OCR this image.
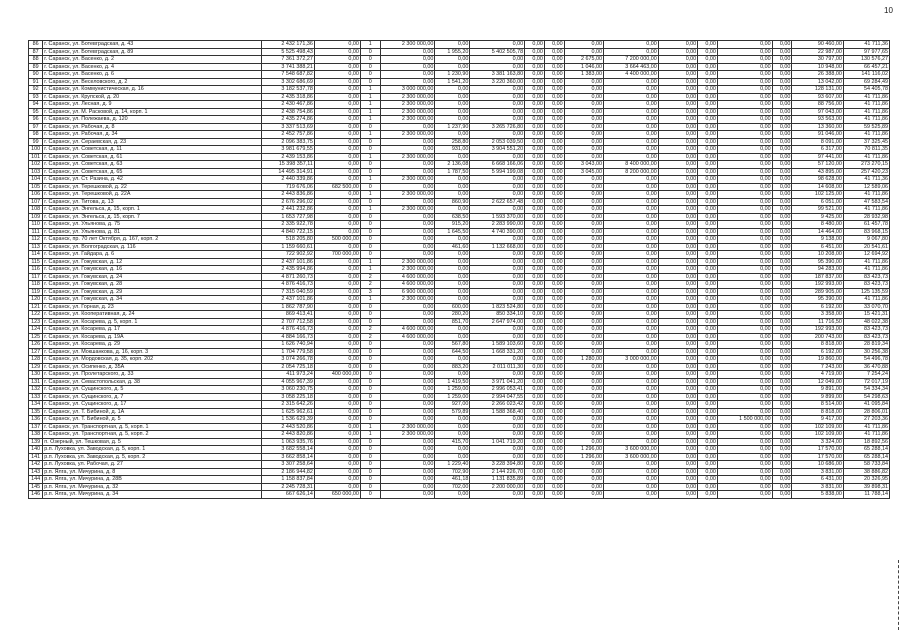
10
86	г. Саранск, ул. Ботевградская, д. 43	2 432 171,36	0,00	1	2 300 000,00	0,00	0,00	0,00	0,00	0,00	0,00	0,00	0,00	0,00	0,00	90 460,00	41 711,36
87	г. Саранск, ул. Ботевградская, д. 89	5 525 498,43	0,00	0	0,00	1 955,20	5 402 505,78	0,00	0,00	0,00	0,00	0,00	0,00	0,00	0,00	22 987,00	97 977,65
88	г. Саранск, ул. Васенко, д. 2	7 361 372,27	0,00	0	0,00	0,00	0,00	0,00	0,00	2 675,00	7 200 000,00	0,00	0,00	0,00	0,00	30 797,00	130 576,27
89	г. Саранск, ул. Васенко, д. 4	3 741 388,21	0,00	0	0,00	0,00	0,00	0,00	0,00	1 046,00	3 664 463,00	0,00	0,00	0,00	0,00	10 948,00	66 457,21
90	г. Саранск, ул. Васенко, д. 6	7 548 687,82	0,00	0	0,00	1 230,90	3 381 163,80	0,00	0,00	1 383,00	4 400 000,00	0,00	0,00	0,00	0,00	26 388,00	141 116,02
91	г. Саранск, ул. Веселовского, д. 2	3 302 686,69	0,00	0	0,00	1 541,20	3 220 360,00	0,00	0,00	0,00	0,00	0,00	0,00	0,00	0,00	13 042,00	69 284,49
92	г. Саранск, ул. Коммунистическая, д. 16	3 182 537,78	0,00	1	3 000 000,00	0,00	0,00	0,00	0,00	0,00	0,00	0,00	0,00	0,00	0,00	128 131,00	54 405,78
93	г. Саранск, ул. Крупской, д. 20	2 435 318,86	0,00	1	2 300 000,00	0,00	0,00	0,00	0,00	0,00	0,00	0,00	0,00	0,00	0,00	93 607,00	41 711,86
94	г. Саранск, ул. Лесная, д. 9	2 430 467,86	0,00	1	2 300 000,00	0,00	0,00	0,00	0,00	0,00	0,00	0,00	0,00	0,00	0,00	88 756,00	41 711,86
95	г. Саранск, ул. М. Расковой, д. 14, корп. 1	2 438 754,86	0,00	1	2 300 000,00	0,00	0,00	0,00	0,00	0,00	0,00	0,00	0,00	0,00	0,00	97 043,00	41 711,86
96	г. Саранск, ул. Полежаева, д. 120	2 435 274,86	0,00	1	2 300 000,00	0,00	0,00	0,00	0,00	0,00	0,00	0,00	0,00	0,00	0,00	93 563,00	41 711,86
97	г. Саранск, ул. Рабочая, д. 8	3 337 513,69	0,00	0	0,00	1 237,90	3 265 726,80	0,00	0,00	0,00	0,00	0,00	0,00	0,00	0,00	13 360,00	59 525,89
98	г. Саранск, ул. Рабочая, д. 34	2 452 757,86	0,00	1	2 300 000,00	0,00	0,00	0,00	0,00	0,00	0,00	0,00	0,00	0,00	0,00	91 046,00	41 711,86
99	г. Саранск, ул. Сераевская, д. 23	2 096 383,75	0,00	0	0,00	258,80	2 053 039,50	0,00	0,00	0,00	0,00	0,00	0,00	0,00	0,00	8 091,00	37 325,45
100	г. Саранск, ул. Советская, д. 11	3 981 679,55	0,00	0	0,00	931,00	3 904 551,20	0,00	0,00	0,00	0,00	0,00	0,00	0,00	0,00	6 317,00	70 811,35
101	г. Саранск, ул. Советская, д. 61	2 439 153,86	0,00	1	2 300 000,00	0,00	0,00	0,00	0,00	0,00	0,00	0,00	0,00	0,00	0,00	97 441,00	41 711,86
102	г. Саранск, ул. Советская, д. 63	15 398 357,11	0,00	0	0,00	2 136,08	6 668 166,06	0,00	0,00	3 043,00	8 400 000,00	0,00	0,00	0,00	0,00	57 120,00	273 270,15
103	г. Саранск, ул. Советская, д. 65	14 495 314,91	0,00	0	0,00	1 787,50	5 994 199,08	0,00	0,00	3 045,00	8 200 000,00	0,00	0,00	0,00	0,00	43 895,00	257 420,23
104	г. Саранск, ул. Ст. Разина, д. 42	2 440 339,86	0,00	1	2 300 000,00	0,00	0,00	0,00	0,00	0,00	0,00	0,00	0,00	0,00	0,00	98 628,00	41 711,36
105	г. Саранск, ул. Терешковой, д. 22	719 676,06	682 500,00	0	0,00	0,00	0,00	0,00	0,00	0,00	0,00	0,00	0,00	0,00	0,00	14 608,00	12 589,06
106	г. Саранск, ул. Терешковой, д. 22А	2 443 836,86	0,00	1	2 300 000,00	0,00	0,00	0,00	0,00	0,00	0,00	0,00	0,00	0,00	0,00	102 125,00	41 711,86
107	г. Саранск, ул. Титова, д. 13	2 676 296,02	0,00	0	0,00	860,90	2 622 657,48	0,00	0,00	0,00	0,00	0,00	0,00	0,00	0,00	6 051,00	47 583,54
108	г. Саранск, ул. Энгельса, д. 15, корп. 1	2 441 232,86	0,00	1	2 300 000,00	0,00	0,00	0,00	0,00	0,00	0,00	0,00	0,00	0,00	0,00	99 521,00	41 711,86
109	г. Саранск, ул. Энгельса, д. 15, корп. 7	1 653 727,98	0,00	0	0,00	638,50	1 593 370,00	0,00	0,00	0,00	0,00	0,00	0,00	0,00	0,00	9 425,00	28 932,98
110	г. Саранск, ул. Ульянова, д. 75	2 335 922,78	0,00	0	0,00	915,20	2 283 990,00	0,00	0,00	0,00	0,00	0,00	0,00	0,00	0,00	8 480,00	61 457,78
111	г. Саранск, ул. Ульянова, д. 81	4 840 722,15	0,00	0	0,00	1 645,50	4 740 390,00	0,00	0,00	0,00	0,00	0,00	0,00	0,00	0,00	14 464,00	83 968,15
112	г. Саранск, пр. 70 лет Октября, д. 167, корп. 2	518 205,80	500 000,00	0	0,00	0,00	0,00	0,00	0,00	0,00	0,00	0,00	0,00	0,00	0,00	9 138,00	9 067,80
113	г. Саранск, ул. Волгоградская, д. 116	1 159 660,61	0,00	0	0,00	461,60	1 132 668,00	0,00	0,00	0,00	0,00	0,00	0,00	0,00	0,00	6 451,00	20 541,61
114	г. Саранск, ул. Гайдара, д. 6	722 902,92	700 000,00	0	0,00	0,00	0,00	0,00	0,00	0,00	0,00	0,00	0,00	0,00	0,00	10 208,00	12 694,92
115	г. Саранск, ул. Гожувская, д. 12	2 437 101,86	0,00	1	2 300 000,00	0,00	0,00	0,00	0,00	0,00	0,00	0,00	0,00	0,00	0,00	95 390,00	41 711,86
116	г. Саранск, ул. Гожувская, д. 16	2 435 994,86	0,00	1	2 300 000,00	0,00	0,00	0,00	0,00	0,00	0,00	0,00	0,00	0,00	0,00	94 283,00	41 711,86
117	г. Саранск, ул. Гожувская, д. 24	4 871 260,73	0,00	2	4 600 000,00	0,00	0,00	0,00	0,00	0,00	0,00	0,00	0,00	0,00	0,00	187 837,00	83 423,73
118	г. Саранск, ул. Гожувская, д. 28	4 876 416,73	0,00	2	4 600 000,00	0,00	0,00	0,00	0,00	0,00	0,00	0,00	0,00	0,00	0,00	192 993,00	83 423,73
119	г. Саранск, ул. Гожувская, д. 29	7 315 040,59	0,00	3	6 900 000,00	0,00	0,00	0,00	0,00	0,00	0,00	0,00	0,00	0,00	0,00	289 905,00	125 135,59
120	г. Саранск, ул. Гожувская, д. 34	2 437 101,86	0,00	1	2 300 000,00	0,00	0,00	0,00	0,00	0,00	0,00	0,00	0,00	0,00	0,00	95 390,00	41 711,86
121	г. Саранск, ул. Горная, д. 23	1 862 787,90	0,00	0	0,00	600,00	1 823 524,80	0,00	0,00	0,00	0,00	0,00	0,00	0,00	0,00	6 192,00	33 070,70
122	г. Саранск, ул. Кооперативная, д. 24	869 413,41	0,00	0	0,00	280,20	850 334,10	0,00	0,00	0,00	0,00	0,00	0,00	0,00	0,00	3 358,00	15 421,31
123	г. Саранск, ул. Косарева, д. 5, корп. 1	2 707 712,58	0,00	0	0,00	851,70	2 647 974,00	0,00	0,00	0,00	0,00	0,00	0,00	0,00	0,00	11 716,50	48 022,38
124	г. Саранск, ул. Косарева, д. 17	4 876 416,73	0,00	2	4 600 000,00	0,00	0,00	0,00	0,00	0,00	0,00	0,00	0,00	0,00	0,00	192 993,00	83 423,73
125	г. Саранск, ул. Косарева, д. 19А	4 884 166,73	0,00	2	4 600 000,00	0,00	0,00	0,00	0,00	0,00	0,00	0,00	0,00	0,00	0,00	200 743,00	83 423,73
126	г. Саранск, ул. Косарева, д. 29	1 626 740,94	0,00	0	0,00	567,80	1 589 103,60	0,00	0,00	0,00	0,00	0,00	0,00	0,00	0,00	8 818,00	28 819,34
127	г. Саранск, ул. Мокшанкова, д. 16, корп. 3	1 704 779,58	0,00	0	0,00	644,50	1 668 331,20	0,00	0,00	0,00	0,00	0,00	0,00	0,00	0,00	6 192,00	30 256,38
128	г. Саранск, ул. Мордовская, д. 35, корп. 202	3 074 266,78	0,00	0	0,00	0,00	0,00	0,00	0,00	1 280,00	3 000 000,00	0,00	0,00	0,00	0,00	19 860,00	54 496,78
129	г. Саранск, ул. Осипенко, д. 35А	2 054 725,18	0,00	0	0,00	883,20	2 011 011,30	0,00	0,00	0,00	0,00	0,00	0,00	0,00	0,00	7 243,00	36 470,88
130	г. Саранск, ул. Пролетарского, д. 33	411 973,24	400 000,00	0	0,00	0,00	0,00	0,00	0,00	0,00	0,00	0,00	0,00	0,00	0,00	4 719,00	7 254,24
131	г. Саранск, ул. Севастопольская, д. 38	4 055 967,39	0,00	0	0,00	1 419,50	3 971 041,20	0,00	0,00	0,00	0,00	0,00	0,00	0,00	0,00	12 049,00	72 017,19
132	г. Саранск, ул. Сущинского, д. 5	3 060 230,75	0,00	0	0,00	1 259,00	2 996 053,41	0,00	0,00	0,00	0,00	0,00	0,00	0,00	0,00	9 891,00	54 334,34
133	г. Саранск, ул. Сущинского, д. 7	3 058 225,18	0,00	0	0,00	1 259,00	2 994 047,55	0,00	0,00	0,00	0,00	0,00	0,00	0,00	0,00	9 899,00	54 298,63
134	г. Саранск, ул. Сущинского, д. 17	2 315 642,26	0,00	0	0,00	927,00	2 266 023,42	0,00	0,00	0,00	0,00	0,00	0,00	0,00	0,00	8 514,00	41 095,84
135	г. Саранск, ул. Т. Бибиной, д. 1А	1 625 962,61	0,00	0	0,00	579,89	1 588 368,40	0,00	0,00	0,00	0,00	0,00	0,00	0,00	0,00	8 818,00	28 806,01
136	г. Саранск, ул. Т. Бибиной, д. 5	1 536 629,39	0,00	0	0,00	0,00	0,00	0,00	0,00	0,00	0,00	0,00	0,00	1 500 000,00	0,00	9 417,00	27 203,36
137	г. Саранск, ул. Транспортная, д. 5, корп. 1	2 443 520,86	0,00	1	2 300 000,00	0,00	0,00	0,00	0,00	0,00	0,00	0,00	0,00	0,00	0,00	102 109,00	41 711,86
138	г. Саранск, ул. Транспортная, д. 5, корп. 2	2 443 820,86	0,00	1	2 300 000,00	0,00	0,00	0,00	0,00	0,00	0,00	0,00	0,00	0,00	0,00	102 109,00	41 711,86
139	п. Озерный, ул. Тешковая, д. 5	1 063 935,76	0,00	0	0,00	415,70	1 041 719,20	0,00	0,00	0,00	0,00	0,00	0,00	0,00	0,00	3 324,00	18 892,56
140	р.п. Луховка, ул. Заводская, д. 5, корп. 1	3 682 558,14	0,00	0	0,00	0,00	0,00	0,00	0,00	1 296,00	3 600 000,00	0,00	0,00	0,00	0,00	17 570,00	65 288,14
141	р.п. Луховка, ул. Заводская, д. 5, корп. 2	3 662 858,14	0,00	0	0,00	0,00	0,00	0,00	0,00	1 296,00	3 600 000,00	0,00	0,00	0,00	0,00	17 570,00	65 288,14
142	р.п. Луховка, ул. Рабочая, д. 27	3 307 258,64	0,00	0	0,00	1 229,40	3 228 394,80	0,00	0,00	0,00	0,00	0,00	0,00	0,00	0,00	10 686,00	58 733,84
143	р.п. Ялга, ул. Мичурина, д. 8	2 186 944,82	0,00	0	0,00	702,90	2 144 226,70	0,00	0,00	0,00	0,00	0,00	0,00	0,00	0,00	3 831,00	38 886,82
144	р.п. Ялга, ул. Мичурина, д. 28В	1 158 837,84	0,00	0	0,00	461,18	1 131 835,89	0,00	0,00	0,00	0,00	0,00	0,00	0,00	0,00	6 431,00	20 326,95
145	р.п. Ялга, ул. Мичурина, д. 32	2 245 728,31	0,00	0	0,00	702,00	2 200 000,00	0,00	0,00	0,00	0,00	0,00	0,00	0,00	0,00	3 831,00	39 898,31
146	р.п. Ялга, ул. Мичурина, д. 34	667 626,14	650 000,00	0	0,00	0,00	0,00	0,00	0,00	0,00	0,00	0,00	0,00	0,00	0,00	5 838,00	11 788,14
